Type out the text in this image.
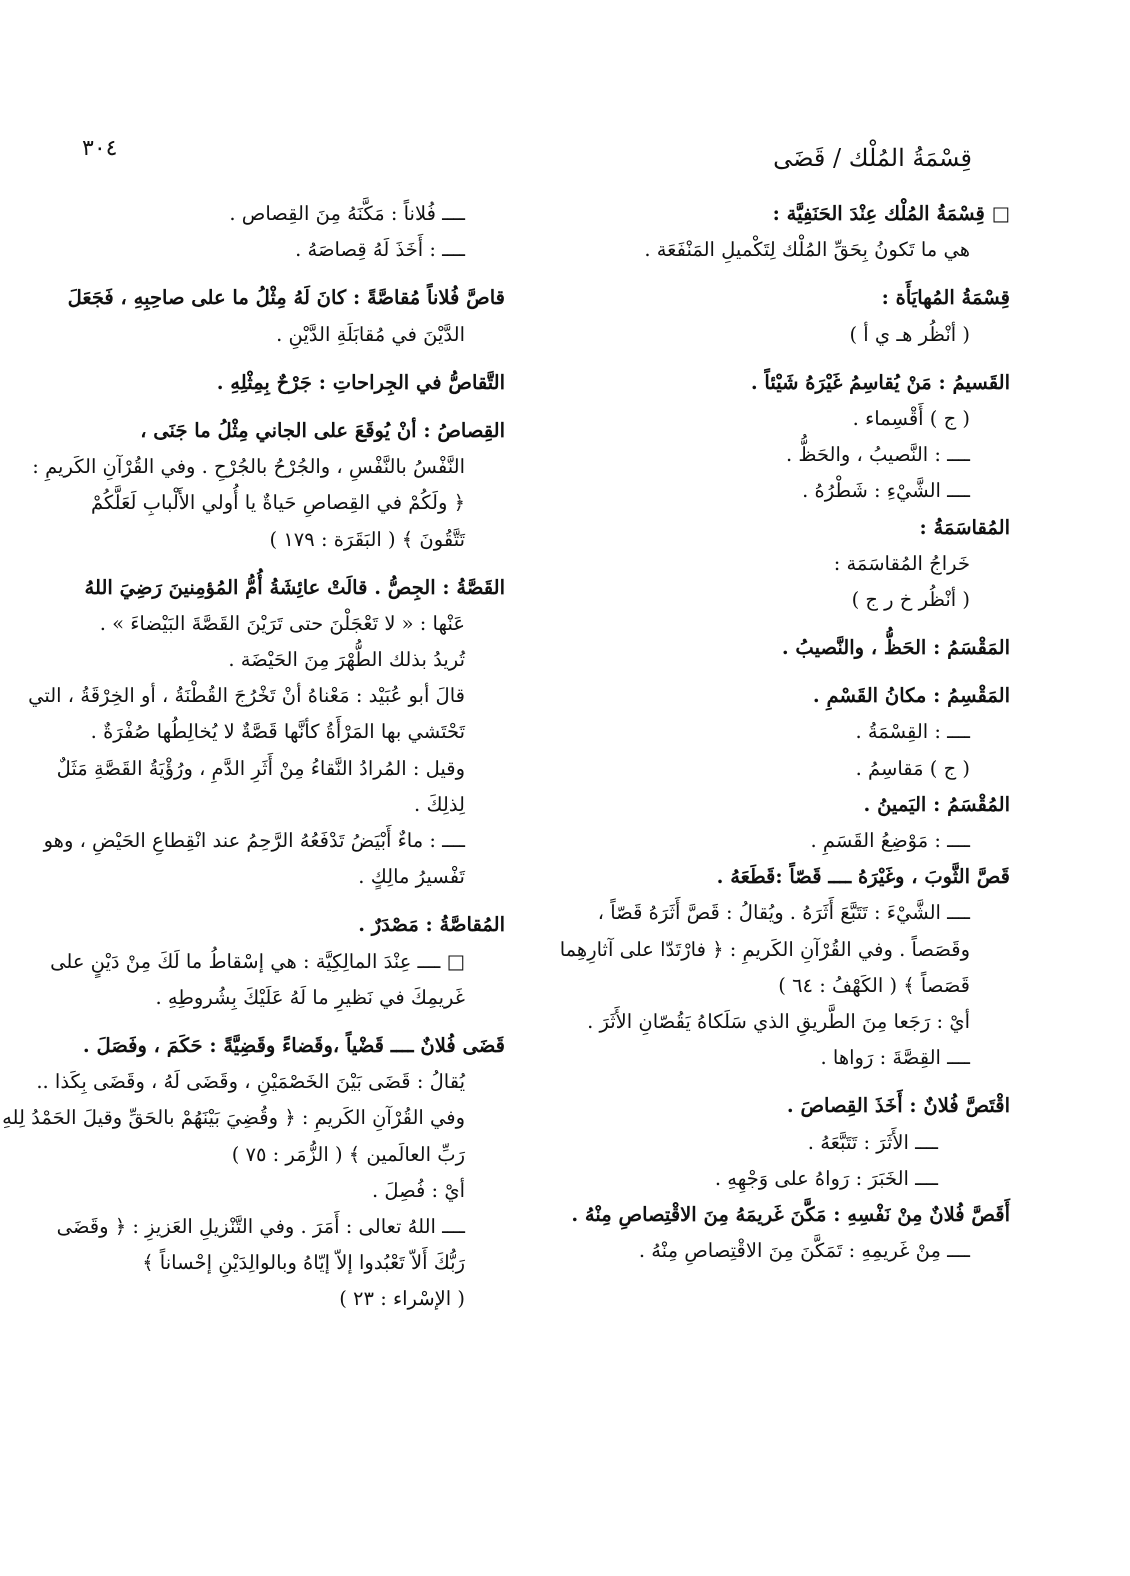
٣٠٤	قِسْمَةُ المُلْك / قَضَى
□ قِسْمَةُ المُلْك عِنْدَ الحَنَفِيَّة :
هي ما تَكونُ بِحَقِّ المُلْك لِتَكْميلِ المَنْفَعَة .
قِسْمَةُ المُهايَأَة :
( أنْظُر هـ ي أ )
القَسيمُ : مَنْ يُقاسِمُ غَيْرَهُ شَيْئاً .
( ج ) أَقْسِماء .
ــــ : النَّصيبُ ، والحَظُّ .
ــــ الشَّيْءِ : شَطْرُهُ .
المُقاسَمَةُ :
خَراجُ المُقاسَمَة :
( أنْظُر خ ر ج )
المَقْسَمُ : الحَظُّ ، والنَّصيبُ .
المَقْسِمُ : مكانُ القَسْمِ .
ــــ : القِسْمَةُ .
( ج ) مَقاسِمُ .
المُقْسَمُ : اليَمينُ .
ــــ : مَوْضِعُ القَسَمِ .
قَصَّ الثَّوبَ ، وغَيْرَهُ ــــ قَصّاً :قَطَعَهُ .
ــــ الشَّيْءَ : تَتَبَّعَ أَثَرَهُ . ويُقالُ : قَصَّ أَثَرَهُ قَصّاً ،
وقَصَصاً . وفي القُرْآنِ الكَريمِ : ﴿ فارْتَدّا على آثارِهِما
قَصَصاً ﴾ ( الكَهْفُ : ٦٤ )
أيْ : رَجَعا مِنَ الطَّريقِ الذي سَلَكاهُ يَقُصّانِ الأَثَرَ .
ــــ القِصَّةَ : رَواها .
اقْتَصَّ فُلانٌ : أَخَذَ القِصاصَ .
ــــ الأَثَرَ : تَتَبَّعَهُ .
ــــ الخَبَرَ : رَواهُ على وَجْهِهِ .
أَقَصَّ فُلانٌ مِنْ نَفْسِهِ : مَكَّنَ غَريمَهُ مِنَ الاقْتِصاصِ مِنْهُ .
ــــ مِنْ غَريمِهِ : تَمَكَّنَ مِنَ الاقْتِصاصِ مِنْهُ .
ــــ فُلاناً : مَكَّنَهُ مِنَ القِصاص .
ــــ : أَخَذَ لَهُ قِصاصَهُ .
قاصَّ فُلاناً مُقاصَّةً : كانَ لَهُ مِثْلُ ما على صاحِبِهِ ، فَجَعَلَ
الدَّيْنَ في مُقابَلَةِ الدَّيْنِ .
التَّقاصُّ في الجِراحاتِ : جَرْحٌ بِمِثْلِهِ .
القِصاصُ : أنْ يُوقَعَ على الجاني مِثْلُ ما جَنَى ،
النَّفْسُ بالنَّفْسِ ، والجُرْحُ بالجُرْحِ . وفي القُرْآنِ الكَريمِ :
﴿ ولَكُمْ في القِصاصِ حَياةٌ يا أُولي الأَلْبابِ لَعَلَّكُمْ
تَتَّقُونَ ﴾ ( البَقَرَة : ١٧٩ )
القَصَّةُ : الجِصُّ . قالَتْ عائِشَةُ أُمُّ المُؤمِنينَ رَضِيَ اللهُ
عَنْها : « لا تَعْجَلْنَ حتى تَرَيْنَ القَصَّةَ البَيْضاءَ » .
تُريدُ بذلك الطُّهْرَ مِنَ الحَيْضَة .
قالَ أبو عُبَيْد : مَعْناهُ أنْ تَخْرُجَ القُطْنَةُ ، أو الخِرْقَةُ ، التي
تَحْتَشي بها المَرْأَةُ كأنَّها قَصَّةٌ لا يُخالِطُها صُفْرَةٌ .
وقيل : المُرادُ النَّقاءُ مِنْ أَثَرِ الدَّمِ ، ورُؤْيَةُ القَصَّةِ مَثَلٌ
لِذلِكَ .
ــــ : ماءٌ أَبْيَضُ تَدْفَعُهُ الرَّحِمُ عند انْقِطاعِ الحَيْضِ ، وهو
تَفْسيرُ مالِكٍ .
المُقاصَّةُ : مَصْدَرٌ .
□ ــــ عِنْدَ المالِكِيَّة : هي إسْقاطُ ما لَكَ مِنْ دَيْنٍ على
غَريمِكَ في نَظيرِ ما لَهُ عَلَيْكَ بِشُروطِهِ .
قَضَى فُلانٌ ــــ قَضْياً ،وقَضاءً وقَضِيَّةً : حَكَمَ ، وفَصَلَ .
يُقالُ : قَضَى بَيْنَ الخَصْمَيْنِ ، وقَضَى لَهُ ، وقَضَى بِكَذا ..
وفي القُرْآنِ الكَريمِ : ﴿ وقُضِيَ بَيْنَهُمْ بالحَقِّ وقيلَ الحَمْدُ لِلهِ
رَبِّ العالَمين ﴾ ( الزُّمَر : ٧٥ )
أيْ : فُصِلَ .
ــــ اللهُ تعالى : أَمَرَ . وفي التَّنْزيلِ العَزيزِ : ﴿ وقَضَى
رَبُّكَ أَلاّ تَعْبُدوا إلاّ إيّاهُ وبالوالِدَيْنِ إحْساناً ﴾
( الإسْراء : ٢٣ )
